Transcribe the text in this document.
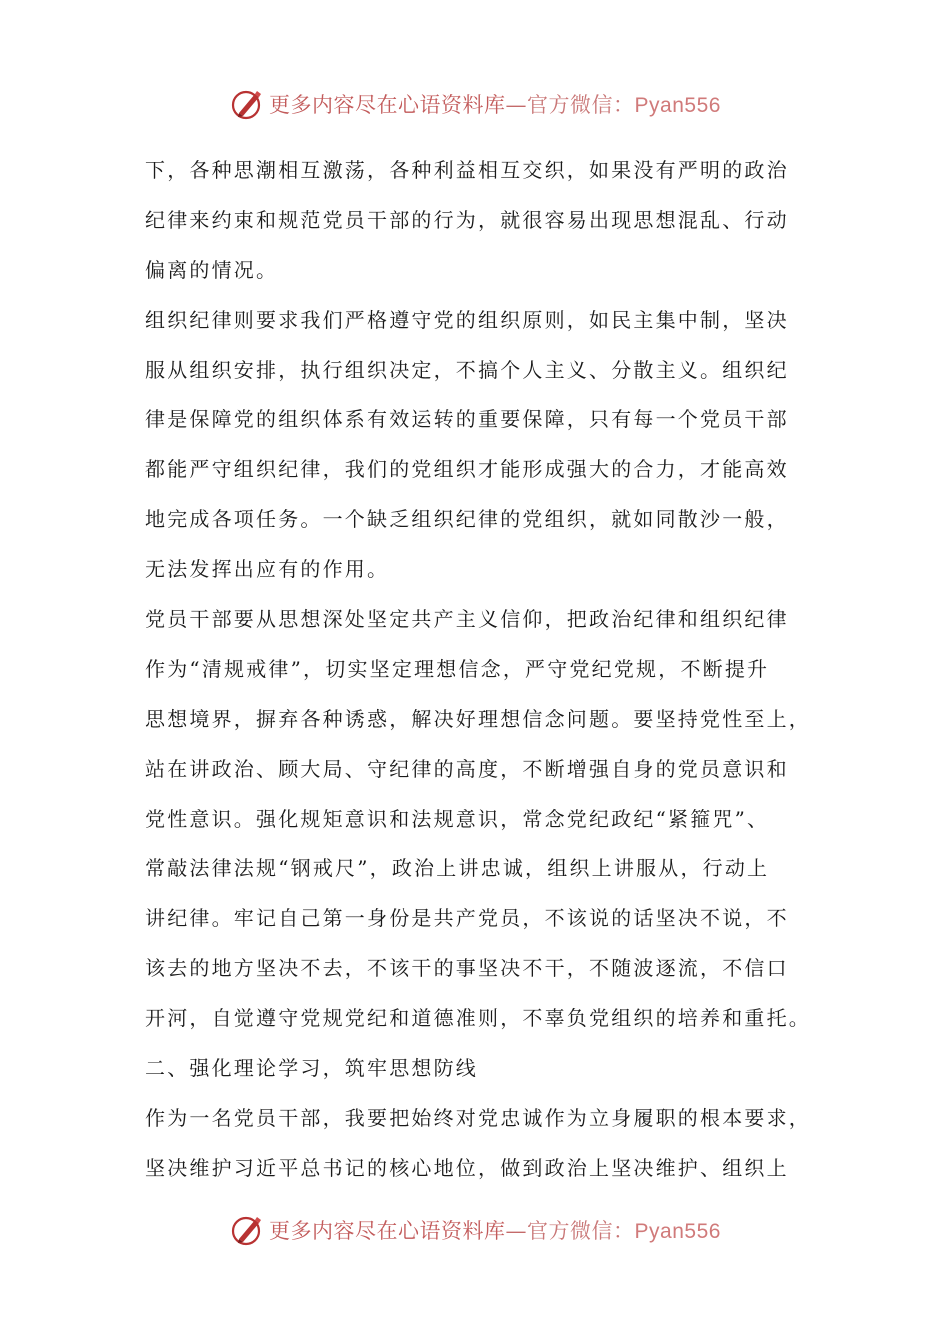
更多内容尽在心语资料库—官方微信：Pyan556
下，各种思潮相互激荡，各种利益相互交织，如果没有严明的政治
纪律来约束和规范党员干部的行为，就很容易出现思想混乱、行动
偏离的情况。
组织纪律则要求我们严格遵守党的组织原则，如民主集中制，坚决
服从组织安排，执行组织决定，不搞个人主义、分散主义。组织纪
律是保障党的组织体系有效运转的重要保障，只有每一个党员干部
都能严守组织纪律，我们的党组织才能形成强大的合力，才能高效
地完成各项任务。一个缺乏组织纪律的党组织，就如同散沙一般，
无法发挥出应有的作用。
党员干部要从思想深处坚定共产主义信仰，把政治纪律和组织纪律
作为“清规戒律”，切实坚定理想信念，严守党纪党规，不断提升
思想境界，摒弃各种诱惑，解决好理想信念问题。要坚持党性至上，
站在讲政治、顾大局、守纪律的高度，不断增强自身的党员意识和
党性意识。强化规矩意识和法规意识，常念党纪政纪“紧箍咒”、
常敲法律法规“钢戒尺”，政治上讲忠诚，组织上讲服从，行动上
讲纪律。牢记自己第一身份是共产党员，不该说的话坚决不说，不
该去的地方坚决不去，不该干的事坚决不干，不随波逐流，不信口
开河，自觉遵守党规党纪和道德准则，不辜负党组织的培养和重托。
二、强化理论学习，筑牢思想防线
作为一名党员干部，我要把始终对党忠诚作为立身履职的根本要求，
坚决维护习近平总书记的核心地位，做到政治上坚决维护、组织上
更多内容尽在心语资料库—官方微信：Pyan556
